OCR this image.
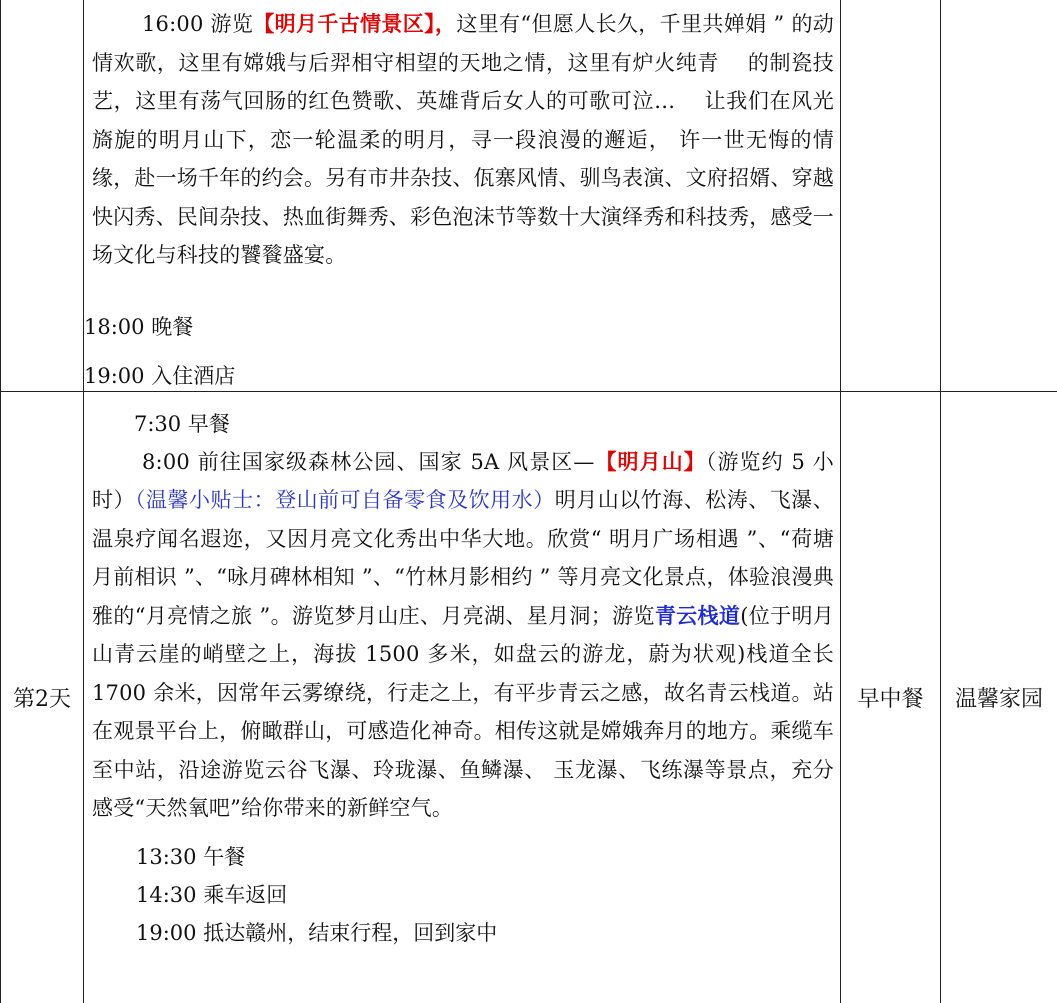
	16:00 游览【明月千古情景区】，这里有“但愿人长久，千里共婵娟 ” 的动情欢歌，这里有嫦娥与后羿相守相望的天地之情，这里有炉火纯青　 的制瓷技艺，这里有荡气回肠的红色赞歌、英雄背后女人的可歌可泣…　 让我们在风光旖旎的明月山下，恋一轮温柔的明月，寻一段浪漫的邂逅， 许一世无悔的情缘，赴一场千年的约会。另有市井杂技、佤寨风情、驯鸟表演、文府招婿、穿越快闪秀、民间杂技、热血街舞秀、彩色泡沫节等数十大演绎秀和科技秀，感受一场文化与科技的饕餮盛宴。

18:00 晚餐

19:00 入住酒店		

第2天	7:30 早餐

8:00 前往国家级森林公园、国家 5A 风景区—【明月山】（游览约 5 小时）（温馨小贴士：登山前可自备零食及饮用水）明月山以竹海、松涛、飞瀑、温泉疗闻名遐迩，又因月亮文化秀出中华大地。欣赏“ 明月广场相遇 ”、“荷塘月前相识 ”、“咏月碑林相知 ”、“竹林月影相约 ” 等月亮文化景点，体验浪漫典雅的“月亮情之旅 ”。游览梦月山庄、月亮湖、星月洞；游览青云栈道(位于明月山青云崖的峭壁之上，海拔 1500 多米，如盘云的游龙，蔚为状观)栈道全长 1700 余米，因常年云雾缭绕，行走之上，有平步青云之感，故名青云栈道。站在观景平台上，俯瞰群山，可感造化神奇。相传这就是嫦娥奔月的地方。乘缆车至中站，沿途游览云谷飞瀑、玲珑瀑、鱼鳞瀑、 玉龙瀑、飞练瀑等景点，充分感受“天然氧吧”给你带来的新鲜空气。

13:30 午餐

14:30 乘车返回

19:00 抵达赣州，结束行程，回到家中	早中餐	温馨家园
